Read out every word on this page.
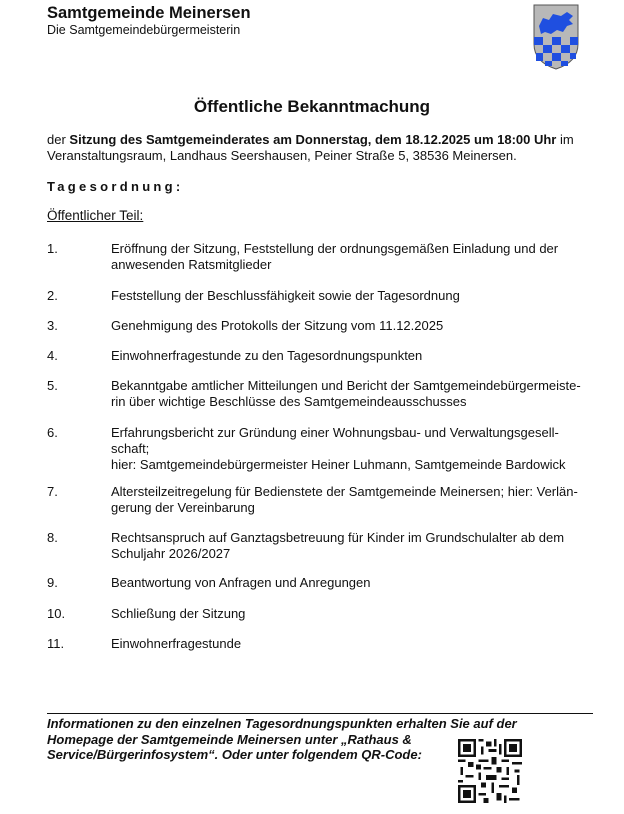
Samtgemeinde Meinersen
Die Samtgemeindebürgermeisterin
Öffentliche Bekanntmachung
der Sitzung des Samtgemeinderates am Donnerstag, dem 18.12.2025 um 18:00 Uhr im Veranstaltungsraum, Landhaus Seershausen, Peiner Straße 5, 38536 Meinersen.
Tagesordnung:
Öffentlicher Teil:
1.	Eröffnung der Sitzung, Feststellung der ordnungsgemäßen Einladung und der anwesenden Ratsmitglieder
2.	Feststellung der Beschlussfähigkeit sowie der Tagesordnung
3.	Genehmigung des Protokolls der Sitzung vom 11.12.2025
4.	Einwohnerfragestunde zu den Tagesordnungspunkten
5.	Bekanntgabe amtlicher Mitteilungen und Bericht der Samtgemeindebürgermeiste-rin über wichtige Beschlüsse des Samtgemeindeausschusses
6.	Erfahrungsbericht zur Gründung einer Wohnungsbau- und Verwaltungsgesell-schaft;
hier: Samtgemeindebürgermeister Heiner Luhmann, Samtgemeinde Bardowick
7.	Altersteilzeitregelung für Bedienstete der Samtgemeinde Meinersen; hier: Verlän-gerung der Vereinbarung
8.	Rechtsanspruch auf Ganztagsbetreuung für Kinder im Grundschulalter ab dem Schuljahr 2026/2027
9.	Beantwortung von Anfragen und Anregungen
10.	Schließung der Sitzung
11.	Einwohnerfragestunde
Informationen zu den einzelnen Tagesordnungspunkten erhalten Sie auf der Homepage der Samtgemeinde Meinersen unter „Rathaus & Service/Bürgerinfosystem“. Oder unter folgendem QR-Code:
